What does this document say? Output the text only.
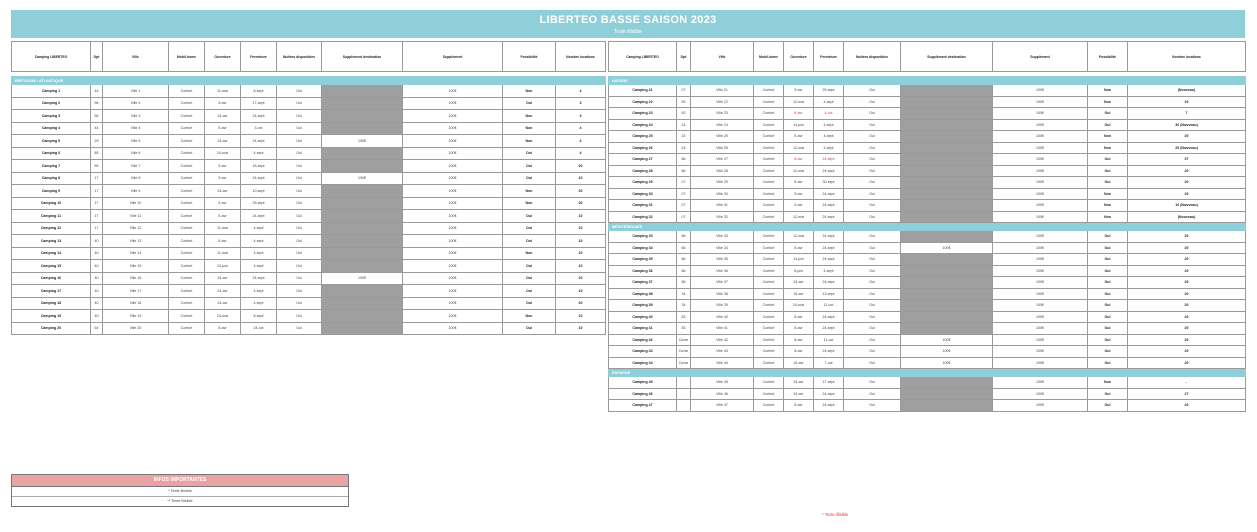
LIBERTEO BASSE SAISON 2023
Texte illisible
Camping LIBERTEO	Dpt	Ville	Mobil-home	Ouverture	Fermeture	Nuitées disponibles	Supplément destination	Supplément	Possibilité	Nombre locations

BRETAGNE / ATLANTIQUE										
Camping 1	44	Ville 1	Confort	11-mai	8-sept	Oui		100€	Non	4
Camping 2	56	Ville 2	Confort	5-avr	17-sept	Oui		100€	Oui	3
Camping 3	56	Ville 3	Confort	15-avr	24-sept	Oui		100€	Non	3
Camping 4	44	Ville 4	Confort	5-avr	3-oct	Oui		100€	Non	4
Camping 5	29	Ville 5	Confort	15-avr	24-sept	Oui	100€	100€	Non	4
Camping 6	85	Ville 6	Confort	24-mai	4-sept	Oui		100€	Oui	4
Camping 7	85	Ville 7	Confort	5-avr	18-sept	Oui		100€	Oui	20
Camping 8	17	Ville 8	Confort	5-avr	24-sept	Oui	100€	100€	Oui	10
Camping 9	17	Ville 9	Confort	24-avr	10-sept	Oui		100€	Non	20
Camping 10	17	Ville 10	Confort	5-avr	25-sept	Oui		100€	Non	20
Camping 11	17	Ville 11	Confort	5-avr	24-sept	Oui		100€	Oui	10
Camping 12	17	Ville 12	Confort	11-mai	4-sept	Oui		100€	Oui	10
Camping 13	40	Ville 13	Confort	8-avr	4-sept	Oui		100€	Oui	10
Camping 14	40	Ville 14	Confort	11-mai	4-sept	Oui		100€	Non	10
Camping 15	40	Ville 15	Confort	24-juin	4-sept	Oui		100€	Oui	10
Camping 16	40	Ville 16	Confort	24-avr	24-sept	Oui	100€	100€	Oui	10
Camping 17	40	Ville 17	Confort	24-avr	4-sept	Oui		100€	Oui	10
Camping 18	40	Ville 18	Confort	24-avr	4-sept	Oui		100€	Oui	20
Camping 19	40	Ville 19	Confort	24-mai	8-sept	Oui		100€	Non	10
Camping 20	64	Ville 20	Confort	8-avr	24-oct	Oui		100€	Oui	10
Camping LIBERTEO	Dpt	Ville	Mobil-home	Ouverture	Fermeture	Nuitées disponibles	Supplément destination	Supplément	Possibilité	Nombre locations

NATURE										
Camping 21	07	Ville 21	Confort	5-avr	25-sept	Oui		100€	Non	(Nouveau)
Camping 22	83	Ville 22	Confort	12-mai	4-sept	Oui		100€	Non	10
Camping 23	83	Ville 23	Confort	8-avr	4-oct	Oui		100€	Oui	7
Camping 24	24	Ville 24	Confort	14-juin	4-sept	Oui		100€	Oui	30 (Nouveau)
Camping 25	24	Ville 25	Confort	5-avr	4-sept	Oui		100€	Non	20
Camping 26	24	Ville 26	Confort	12-mai	4-sept	Oui		100€	Non	25 (Nouveau)
Camping 27	66	Ville 27	Confort	8-avr	24-sept	Oui		100€	Oui	37
Camping 28	66	Ville 28	Confort	12-mai	24-sept	Oui		100€	Oui	20
Camping 29	07	Ville 29	Confort	8-avr	30-sept	Oui		100€	Oui	20
Camping 30	07	Ville 30	Confort	5-avr	24-sept	Oui		100€	Non	20
Camping 31	07	Ville 31	Confort	5-avr	24-sept	Oui		100€	Non	10 (Nouveau)
Camping 32	07	Ville 32	Confort	12-mai	24-sept	Oui		100€	Non	(Nouveau)
MÉDITERRANÉE										
Camping 33	66	Ville 33	Confort	12-mai	24-sept	Oui		100€	Oui	20
Camping 34	66	Ville 34	Confort	8-avr	24-sept	Oui	100€	100€	Oui	20
Camping 35	66	Ville 35	Confort	14-juin	24-sept	Oui		100€	Oui	20
Camping 36	66	Ville 36	Confort	5-juin	4-sept	Oui		100€	Oui	20
Camping 37	66	Ville 37	Confort	24-avr	24-sept	Oui		100€	Oui	20
Camping 38	34	Ville 38	Confort	15-avr	13-sept	Oui		100€	Oui	20
Camping 39	34	Ville 39	Confort	24-mai	11-oct	Oui		100€	Oui	20
Camping 40	83	Ville 40	Confort	8-avr	24-sept	Oui		100€	Oui	20
Camping 41	83	Ville 41	Confort	8-avr	24-sept	Oui		100€	Oui	20
Camping 42	Corse	Ville 42	Confort	8-avr	11-oct	Oui	100€	100€	Oui	20
Camping 43	Corse	Ville 43	Confort	8-avr	24-sept	Oui	100€	100€	Oui	20
Camping 44	Corse	Ville 44	Confort	15-avr	7-oct	Oui	100€	100€	Oui	20
ESPAGNE										
Camping 45		Ville 45	Confort	24-avr	17-sept	Oui		100€	Non	-
Camping 46		Ville 46	Confort	24-avr	24-sept	Oui		100€	Oui	27
Camping 47		Ville 47	Confort	8-avr	24-sept	Oui		100€	Oui	20
INFOS IMPORTANTES
* Texte illisible
** Texte illisible
* Texte illisible
